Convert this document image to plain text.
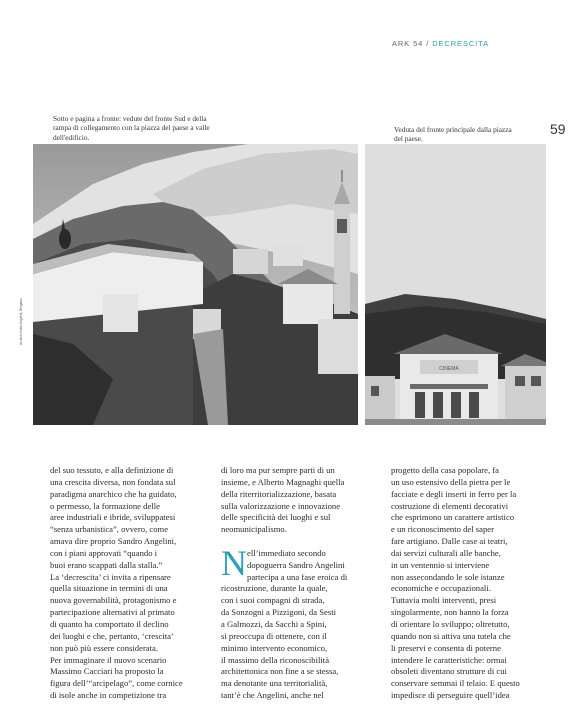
ARK 54 / DECRESCITA
Sotto e pagina a fronte: vedute del fronte Sud e della rampa di collegamento con la piazza del paese a valle dell'edificio.
Veduta del fronte principale dalla piazza del paese.
59
Archivio fondo Angelini, Bergamo
CINEMA
del suo tessuto, e alla definizione di
una crescita diversa, non fondata sul
paradigma anarchico che ha guidato,
o permesso, la formazione delle
aree industriali e ibride, sviluppatesi
“senza urbanistica”, ovvero, come
amava dire proprio Sandro Angelini,
con i piani approvati “quando i
buoi erano scappati dalla stalla.”
La ‘decrescita’ ci invita a ripensare
quella situazione in termini di una
nuova governabilità, protagonismo e
partecipazione alternativi al primato
di quanto ha comportato il declino
dei luoghi e che, pertanto, ‘crescita’
non può più essere considerata.
Per immaginare il nuovo scenario
Massimo Cacciari ha proposto la
figura dell’“arcipelago”, come cornice
di isole anche in competizione tra
di loro ma pur sempre parti di un
insieme, e Alberto Magnaghi quella
della riterritorializzazione, basata
sulla valorizzazione e innovazione
delle specificità dei luoghi e sul
neomunicipalismo.

N ell’immediato secondo
dopoguerra Sandro Angelini
partecipa a una fase eroica di
ricostruzione, durante la quale,
con i suoi compagni di strada,
da Sonzogni a Pizzigoni, da Sesti
a Galmozzi, da Sacchi a Spini,
si preoccupa di ottenere, con il
minimo intervento economico,
il massimo della riconoscibilità
architettonica non fine a se stessa,
ma denotante una territorialità,
tant’è che Angelini, anche nel
progetto della casa popolare, fa
un uso estensivo della pietra per le
facciate e degli inserti in ferro per la
costruzione di elementi decorativi
che esprimono un carattere artistico
e un riconoscimento del saper
fare artigiano. Dalle case ai teatri,
dai servizi culturali alle banche,
in un ventennio si interviene
non assecondando le sole istanze
economiche e occupazionali.
Tuttavia molti interventi, presi
singolarmente, non hanno la forza
di orientare lo sviluppo; oltretutto,
quando non si attiva una tutela che
li preservi e consenta di poterne
intendere le caratteristiche: ormai
obsoleti diventano strutture di cui
conservare semmai il telaio. E questo
impedisce di perseguire quell’idea
